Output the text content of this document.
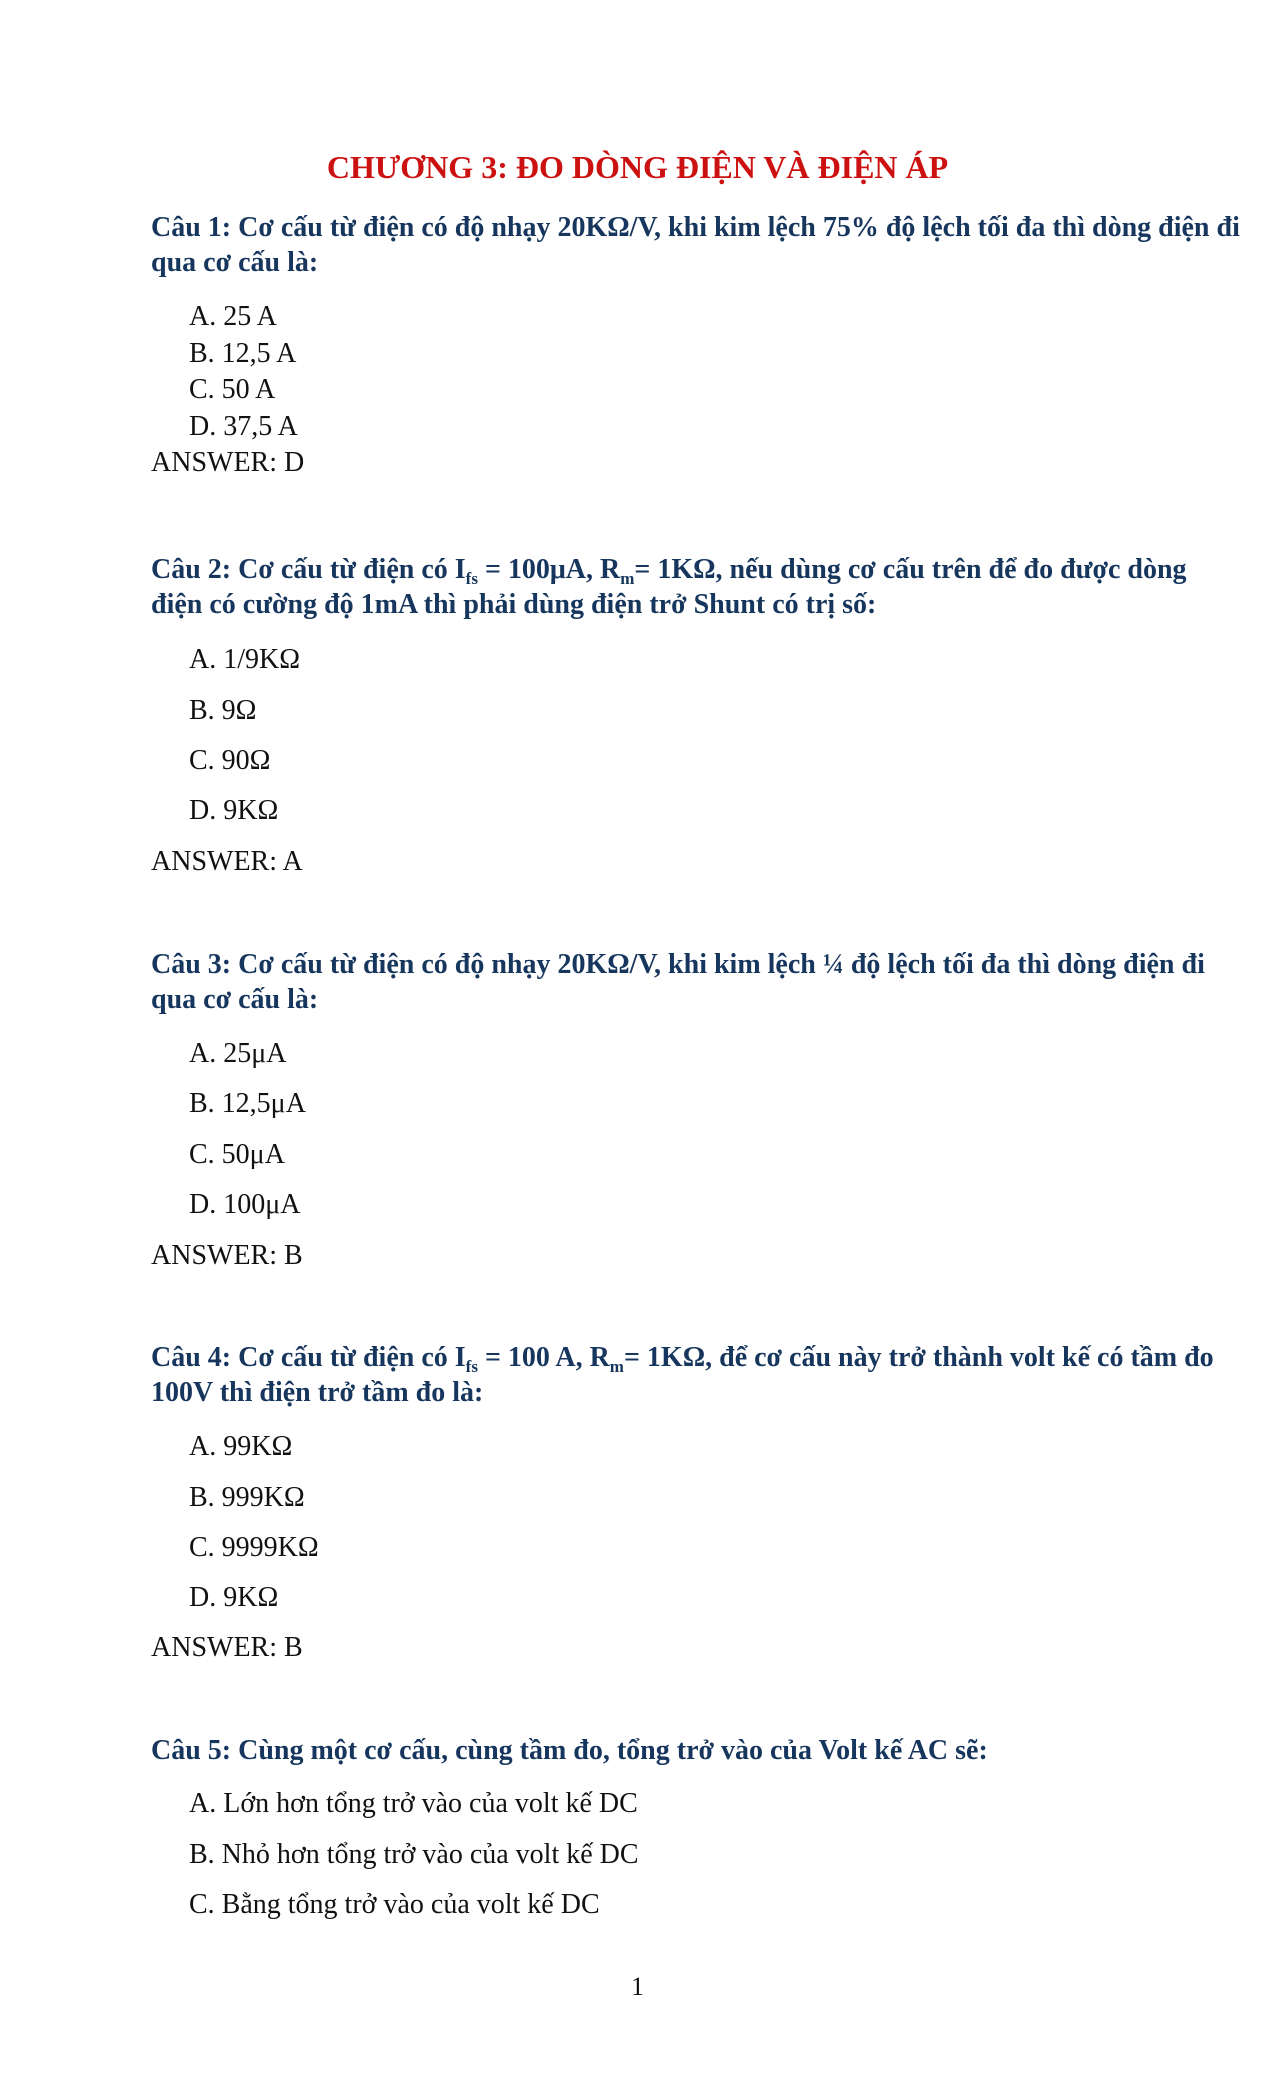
CHƯƠNG 3: ĐO DÒNG ĐIỆN VÀ ĐIỆN ÁP

Câu 1: Cơ cấu từ điện có độ nhạy 20KΩ/V, khi kim lệch 75% độ lệch tối đa thì dòng điện đi qua cơ cấu là:

A. 25 A

B. 12,5 A

C. 50 A

D. 37,5 A

ANSWER: D

Câu 2: Cơ cấu từ điện có $I_{fs} = 100\mu A$, $R_m= 1K\Omega$, nếu dùng cơ cấu trên để đo được dòng điện có cường độ 1mA thì phải dùng điện trở Shunt có trị số:

A. 1/9KΩ

B. 9Ω

C. 90Ω

D. 9KΩ

ANSWER: A

Câu 3: Cơ cấu từ điện có độ nhạy 20KΩ/V, khi kim lệch ¼ độ lệch tối đa thì dòng điện đi qua cơ cấu là:

A. 25μA

B. 12,5μA

C. 50μA

D. 100μA

ANSWER: B

Câu 4: Cơ cấu từ điện có $I_{fs} = 100$ A, $R_m= 1K\Omega$, để cơ cấu này trở thành volt kế có tầm đo 100V thì điện trở tầm đo là:

A. 99KΩ

B. 999KΩ

C. 9999KΩ

D. 9KΩ

ANSWER: B

Câu 5: Cùng một cơ cấu, cùng tầm đo, tổng trở vào của Volt kế AC sẽ:

A. Lớn hơn tổng trở vào của volt kế DC

B. Nhỏ hơn tổng trở vào của volt kế DC

C. Bằng tổng trở vào của volt kế DC

1
